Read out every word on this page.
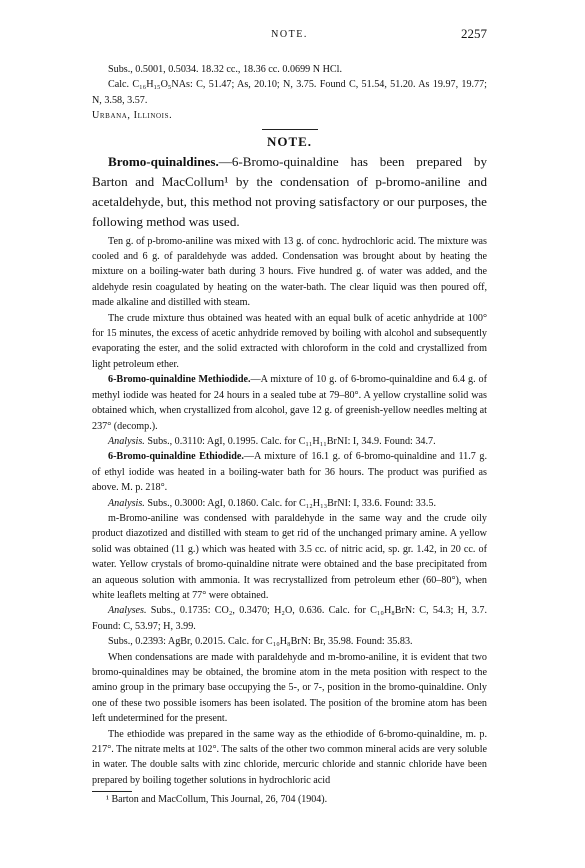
NOTE.	2257

Subs., 0.5001, 0.5034. 18.32 cc., 18.36 cc. 0.0699 N HCl.

Calc. C₁₆H₁₅O₅NAs: C, 51.47; As, 20.10; N, 3.75. Found C, 51.54, 51.20. As 19.97, 19.77; N, 3.58, 3.57.

Urbana, Illinois.

NOTE.

Bromo-quinaldines.—6-Bromo-quinaldine has been prepared by Barton and MacCollum¹ by the condensation of p-bromo-aniline and acetaldehyde, but, this method not proving satisfactory or our purposes, the following method was used.

Ten g. of p-bromo-aniline was mixed with 13 g. of conc. hydrochloric acid. The mixture was cooled and 6 g. of paraldehyde was added. Condensation was brought about by heating the mixture on a boiling-water bath during 3 hours. Five hundred g. of water was added, and the aldehyde resin coagulated by heating on the water-bath. The clear liquid was then poured off, made alkaline and distilled with steam.

The crude mixture thus obtained was heated with an equal bulk of acetic anhydride at 100° for 15 minutes, the excess of acetic anhydride removed by boiling with alcohol and subsequently evaporating the ester, and the solid extracted with chloroform in the cold and crystallized from light petroleum ether.

6-Bromo-quinaldine Methiodide.—A mixture of 10 g. of 6-bromo-quinaldine and 6.4 g. of methyl iodide was heated for 24 hours in a sealed tube at 79–80°. A yellow crystalline solid was obtained which, when crystallized from alcohol, gave 12 g. of greenish-yellow needles melting at 237° (decomp.).

Analysis. Subs., 0.3110: AgI, 0.1995. Calc. for C₁₁H₁₁BrNI: I, 34.9. Found: 34.7.

6-Bromo-quinaldine Ethiodide.—A mixture of 16.1 g. of 6-bromo-quinaldine and 11.7 g. of ethyl iodide was heated in a boiling-water bath for 36 hours. The product was purified as above. M. p. 218°.

Analysis. Subs., 0.3000: AgI, 0.1860. Calc. for C₁₂H₁₃BrNI: I, 33.6. Found: 33.5.

m-Bromo-aniline was condensed with paraldehyde in the same way and the crude oily product diazotized and distilled with steam to get rid of the unchanged primary amine. A yellow solid was obtained (11 g.) which was heated with 3.5 cc. of nitric acid, sp. gr. 1.42, in 20 cc. of water. Yellow crystals of bromo-quinaldine nitrate were obtained and the base precipitated from an aqueous solution with ammonia. It was recrystallized from petroleum ether (60–80°), when white leaflets melting at 77° were obtained.

Analyses. Subs., 0.1735: CO₂, 0.3470; H₂O, 0.636. Calc. for C₁₀H₈BrN: C, 54.3; H, 3.7. Found: C, 53.97; H, 3.99.

Subs., 0.2393: AgBr, 0.2015. Calc. for C₁₀H₈BrN: Br, 35.98. Found: 35.83.

When condensations are made with paraldehyde and m-bromo-aniline, it is evident that two bromo-quinaldines may be obtained, the bromine atom in the meta position with respect to the amino group in the primary base occupying the 5-, or 7-, position in the bromo-quinaldine. Only one of these two possible isomers has been isolated. The position of the bromine atom has been left undetermined for the present.

The ethiodide was prepared in the same way as the ethiodide of 6-bromo-quinaldine, m. p. 217°. The nitrate melts at 102°. The salts of the other two common mineral acids are very soluble in water. The double salts with zinc chloride, mercuric chloride and stannic chloride have been prepared by boiling together solutions in hydrochloric acid

¹ Barton and MacCollum, This Journal, 26, 704 (1904).
